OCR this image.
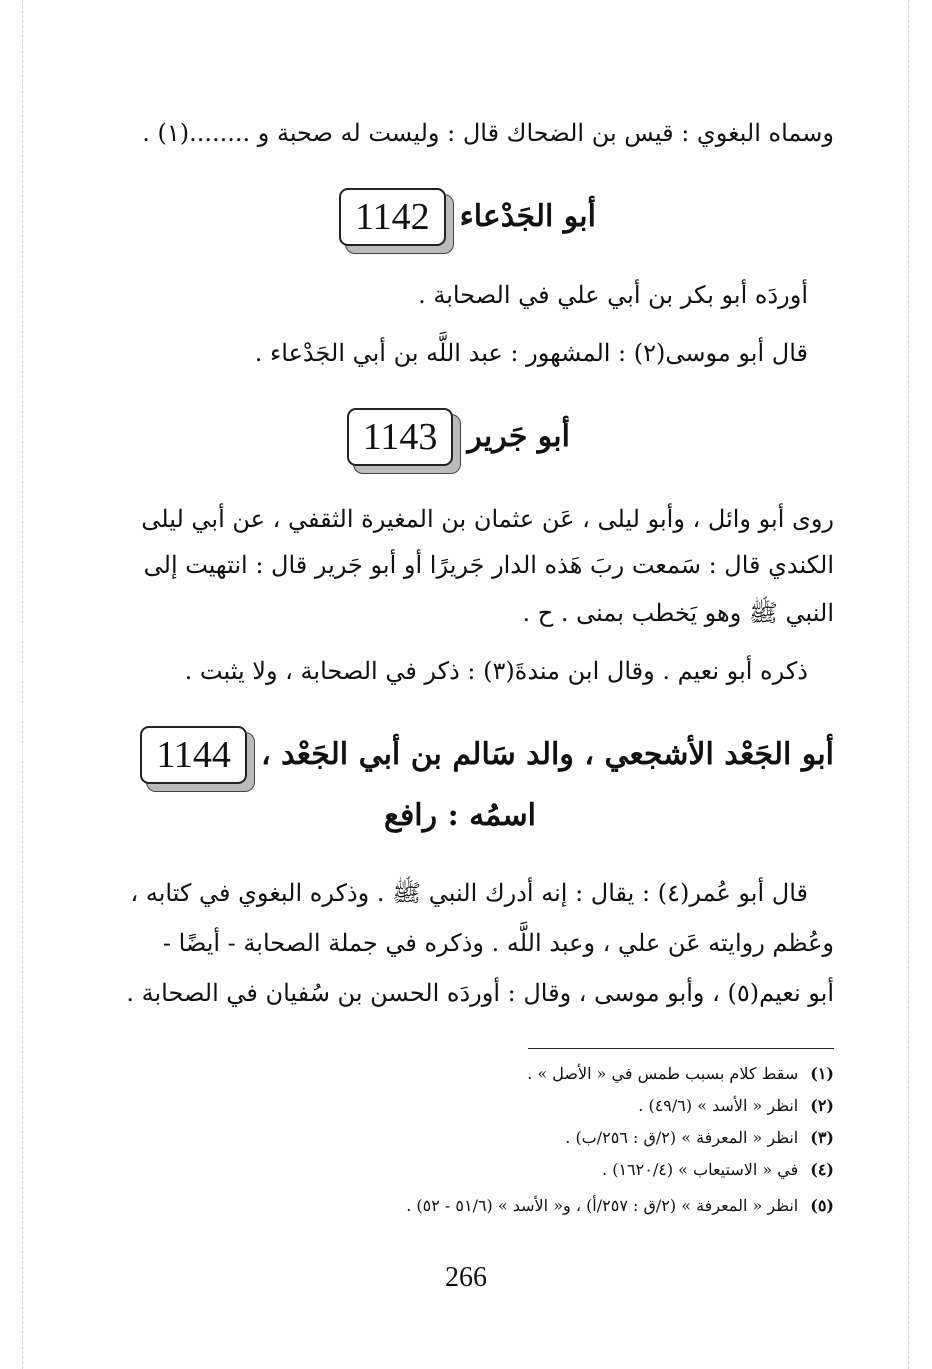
وسماه البغوي : قيس بن الضحاك قال : وليست له صحبة و ........(١) .
أبو الجَدْعاء
1142
أوردَه أبو بكر بن أبي علي في الصحابة .
قال أبو موسى(٢) : المشهور : عبد اللَّه بن أبي الجَدْعاء .
أبو جَرير
1143
روى أبو وائل ، وأبو ليلى ، عَن عثمان بن المغيرة الثقفي ، عن أبي ليلى
الكندي قال : سَمعت ربَ هَذه الدار جَريرًا أو أبو جَرير قال : انتهيت إلى
النبي ﷺ وهو يَخطب بمنى . ح .
ذكره أبو نعيم . وقال ابن مندةَ(٣) : ذكر في الصحابة ، ولا يثبت .
أبو الجَعْد الأشجعي ، والد سَالم بن أبي الجَعْد ،
1144
اسمُه : رافع
قال أبو عُمر(٤) : يقال : إنه أدرك النبي ﷺ . وذكره البغوي في كتابه ،
وعُظم روايته عَن علي ، وعبد اللَّه . وذكره في جملة الصحابة - أيضًا -
أبو نعيم(٥) ، وأبو موسى ، وقال : أوردَه الحسن بن سُفيان في الصحابة .
(١)سقط كلام بسبب طمس في « الأصل » .
(٢)انظر « الأسد » (٤٩/٦) .
(٣)انظر « المعرفة » (٢/ق : ٢٥٦/ب) .
(٤)في « الاستيعاب » (١٦٢٠/٤) .
(٥)انظر « المعرفة » (٢/ق : ٢٥٧/أ) ، و« الأسد » (٥١/٦ - ٥٢) .
266
